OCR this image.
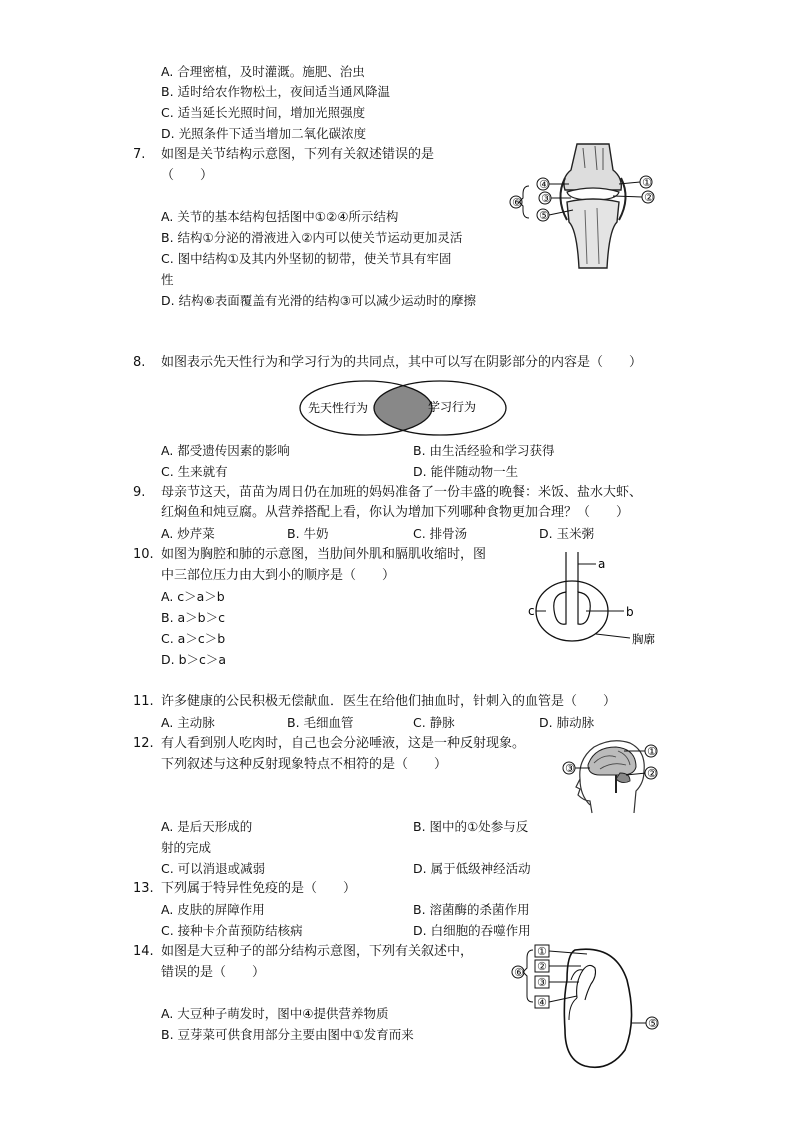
A. 合理密植，及时灌溉。施肥、治虫
B. 适时给农作物松土，夜间适当通风降温
C. 适当延长光照时间，增加光照强度
D. 光照条件下适当增加二氧化碳浓度
7. 如图是关节结构示意图，下列有关叙述错误的是
（　　）
A. 关节的基本结构包括图中①②④所示结构
B. 结构①分泌的滑液进入②内可以使关节运动更加灵活
C. 图中结构①及其内外坚韧的韧带，使关节具有牢固
性
D. 结构⑥表面覆盖有光滑的结构③可以减少运动时的摩擦
④	①
②
⑥ ③
⑤
8. 如图表示先天性行为和学习行为的共同点，其中可以写在阴影部分的内容是（　　）
先天性行为	学习行为
A. 都受遗传因素的影响	B. 由生活经验和学习获得
C. 生来就有	D. 能伴随动物一生
9. 母亲节这天，苗苗为周日仍在加班的妈妈准备了一份丰盛的晚餐：米饭、盐水大虾、
红焖鱼和炖豆腐。从营养搭配上看，你认为增加下列哪种食物更加合理？（　　）
A. 炒芹菜	B. 牛奶	C. 排骨汤	D. 玉米粥
10. 如图为胸腔和肺的示意图，当肋间外肌和膈肌收缩时，图
中三部位压力由大到小的顺序是（　　）
A. c＞a＞b
B. a＞b＞c
C. a＞c＞b
D. b＞c＞a
a
c	b
胸廓
11. 许多健康的公民积极无偿献血．医生在给他们抽血时，针刺入的血管是（　　）
A. 主动脉	B. 毛细血管	C. 静脉	D. 肺动脉
12. 有人看到别人吃肉时，自己也会分泌唾液，这是一种反射现象。
下列叙述与这种反射现象特点不相符的是（　　）
①
③	②
A. 是后天形成的	B. 图中的①处参与反
射的完成
C. 可以消退或减弱	D. 属于低级神经活动
13. 下列属于特异性免疫的是（　　）
A. 皮肤的屏障作用	B. 溶菌酶的杀菌作用
C. 接种卡介苗预防结核病	D. 白细胞的吞噬作用
14. 如图是大豆种子的部分结构示意图，下列有关叙述中，
错误的是（　　）
A. 大豆种子萌发时，图中④提供营养物质
B. 豆芽菜可供食用部分主要由图中①发育而来
①
②
③
④
⑥
⑤
